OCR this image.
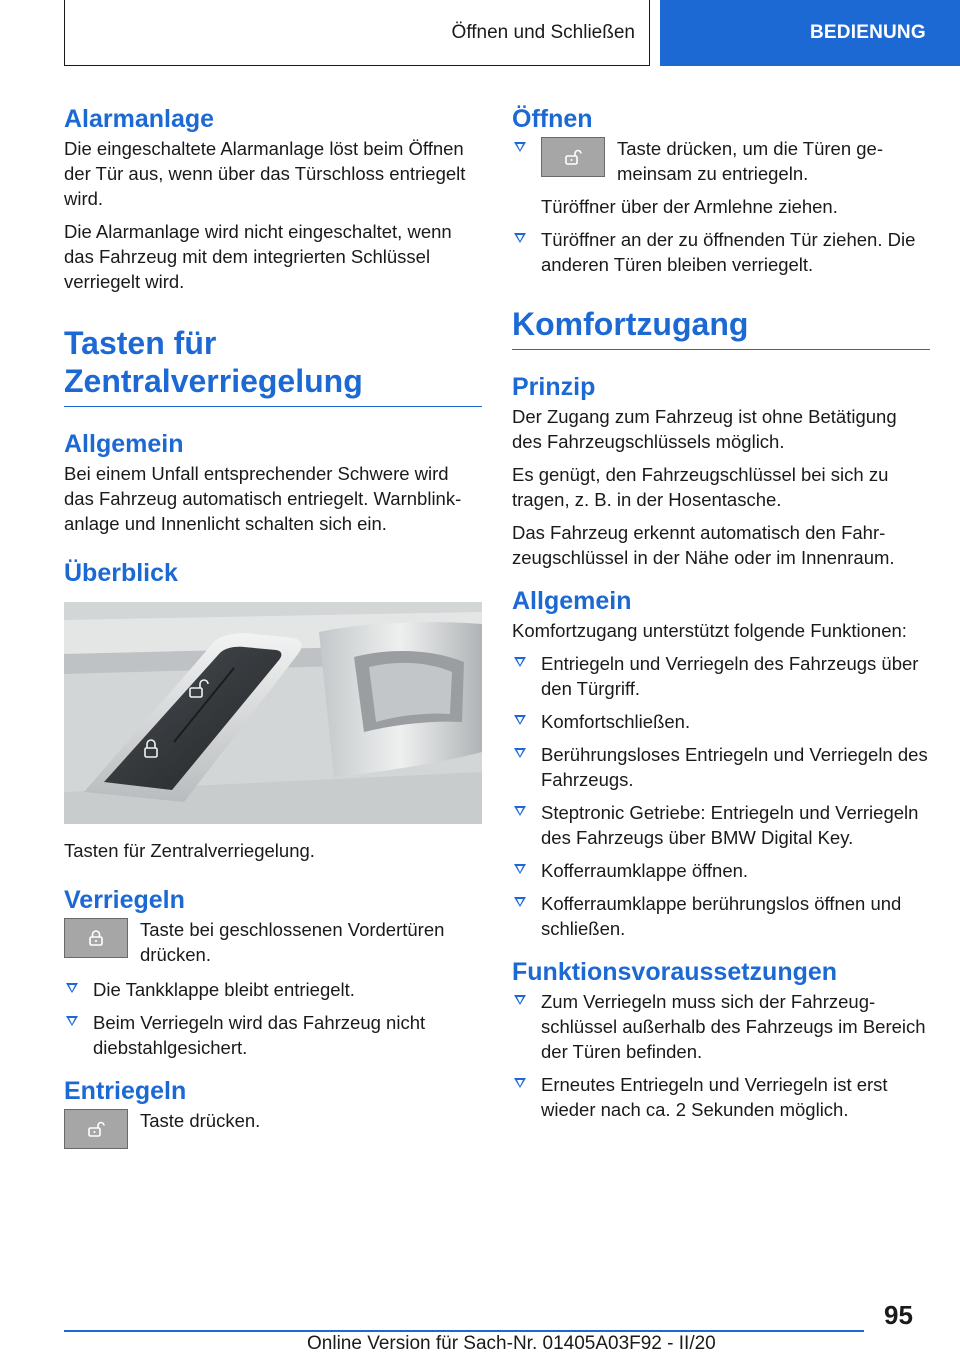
Öffnen und Schließen	BEDIENUNG
Alarmanlage

Die eingeschaltete Alarmanlage löst beim Öffnen der Tür aus, wenn über das Türschloss entriegelt wird.

Die Alarmanlage wird nicht eingeschaltet, wenn das Fahrzeug mit dem integrierten Schlüssel verriegelt wird.

Tasten für Zentralverriegelung
Allgemein

Bei einem Unfall entsprechender Schwere wird das Fahrzeug automatisch entriegelt. Warnblinkanlage und Innenlicht schalten sich ein.

Überblick

Tasten für Zentralverriegelung.

Verriegeln

Taste bei geschlossenen Vordertüren drücken.

Die Tankklappe bleibt entriegelt.
Beim Verriegeln wird das Fahrzeug nicht diebstahlgesichert.
Entriegeln

Taste drücken.

Öffnen

Taste drücken, um die Türen gemeinsam zu entriegeln.

Türöffner über der Armlehne ziehen.

Türöffner an der zu öffnenden Tür ziehen. Die anderen Türen bleiben verriegelt.
Komfortzugang
Prinzip

Der Zugang zum Fahrzeug ist ohne Betätigung des Fahrzeugschlüssels möglich.

Es genügt, den Fahrzeugschlüssel bei sich zu tragen, z. B. in der Hosentasche.

Das Fahrzeug erkennt automatisch den Fahrzeugschlüssel in der Nähe oder im Innenraum.

Allgemein

Komfortzugang unterstützt folgende Funktionen:

Entriegeln und Verriegeln des Fahrzeugs über den Türgriff.
Komfortschließen.
Berührungsloses Entriegeln und Verriegeln des Fahrzeugs.
Steptronic Getriebe: Entriegeln und Verriegeln des Fahrzeugs über BMW Digital Key.
Kofferraumklappe öffnen.
Kofferraumklappe berührungslos öffnen und schließen.
Funktionsvoraussetzungen
Zum Verriegeln muss sich der Fahrzeugschlüssel außerhalb des Fahrzeugs im Bereich der Türen befinden.
Erneutes Entriegeln und Verriegeln ist erst wieder nach ca. 2 Sekunden möglich.
95
Online Version für Sach-Nr. 01405A03F92 - II/20
